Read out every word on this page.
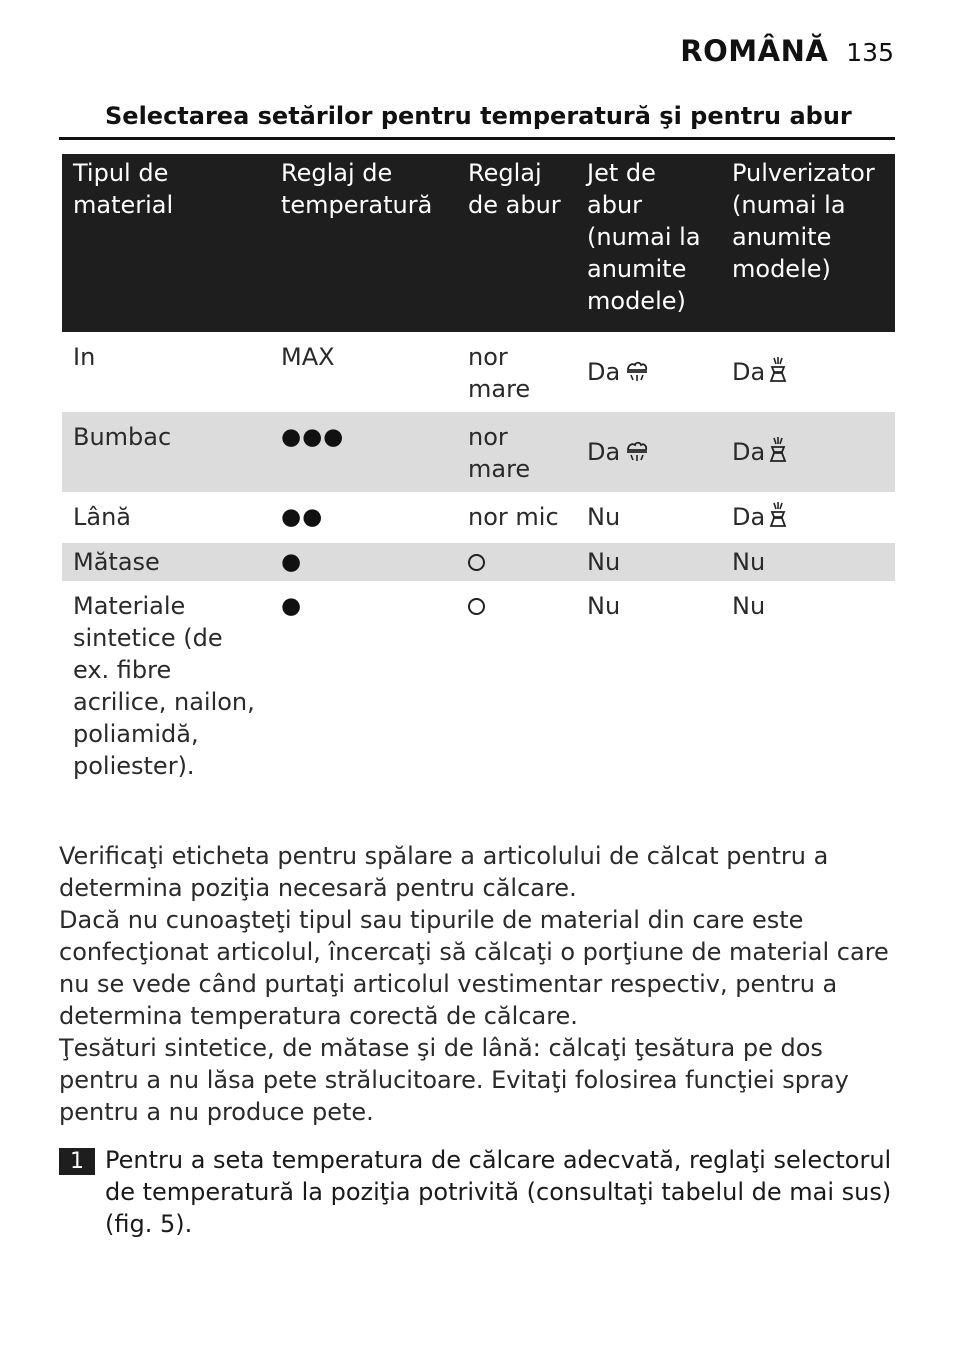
ROMÂNĂ 135
Selectarea setărilor pentru temperatură şi pentru abur
Tipul de material	Reglaj de temperatură	Reglaj de abur	Jet de abur (numai la anumite modele)	Pulverizator (numai la anumite modele)
In	MAX	nor mare	Da	Da
Bumbac	●●●	nor mare	Da	Da
Lână	●●	nor mic	Nu	Da
Mătase	●		Nu	Nu
Materiale sintetice (de ex. fibre acrilice, nailon, poliamidă, poliester).	●		Nu	Nu

Verificaţi eticheta pentru spălare a articolului de călcat pentru a determina poziţia necesară pentru călcare.

Dacă nu cunoaşteţi tipul sau tipurile de material din care este confecţionat articolul, încercaţi să călcaţi o porţiune de material care nu se vede când purtaţi articolul vestimentar respectiv, pentru a determina temperatura corectă de călcare.

Ţesături sintetice, de mătase şi de lână: călcaţi ţesătura pe dos pentru a nu lăsa pete strălucitoare. Evitaţi folosirea funcţiei spray pentru a nu produce pete.

1 Pentru a seta temperatura de călcare adecvată, reglaţi selectorul de temperatură la poziţia potrivită (consultaţi tabelul de mai sus) (fig. 5).
